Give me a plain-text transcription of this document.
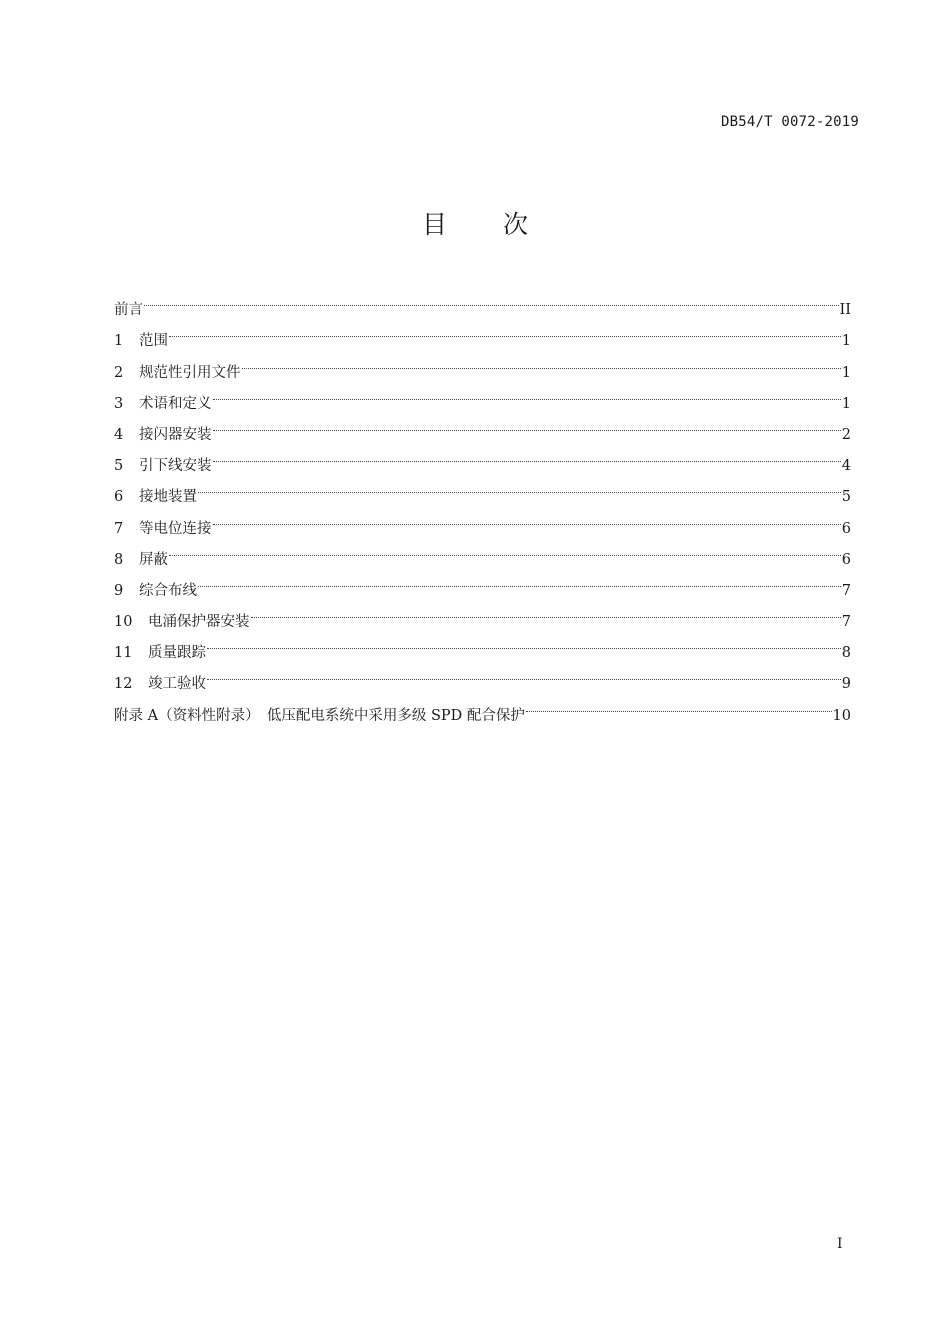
DB54/T 0072-2019
目 次
前言	II
1	范围	1
2	规范性引用文件	1
3	术语和定义	1
4	接闪器安装	2
5	引下线安装	4
6	接地装置	5
7	等电位连接	6
8	屏蔽	6
9	综合布线	7
10	电涌保护器安装	7
11	质量跟踪	8
12	竣工验收	9
附录 A（资料性附录）　低压配电系统中采用多级 SPD 配合保护	10
I
